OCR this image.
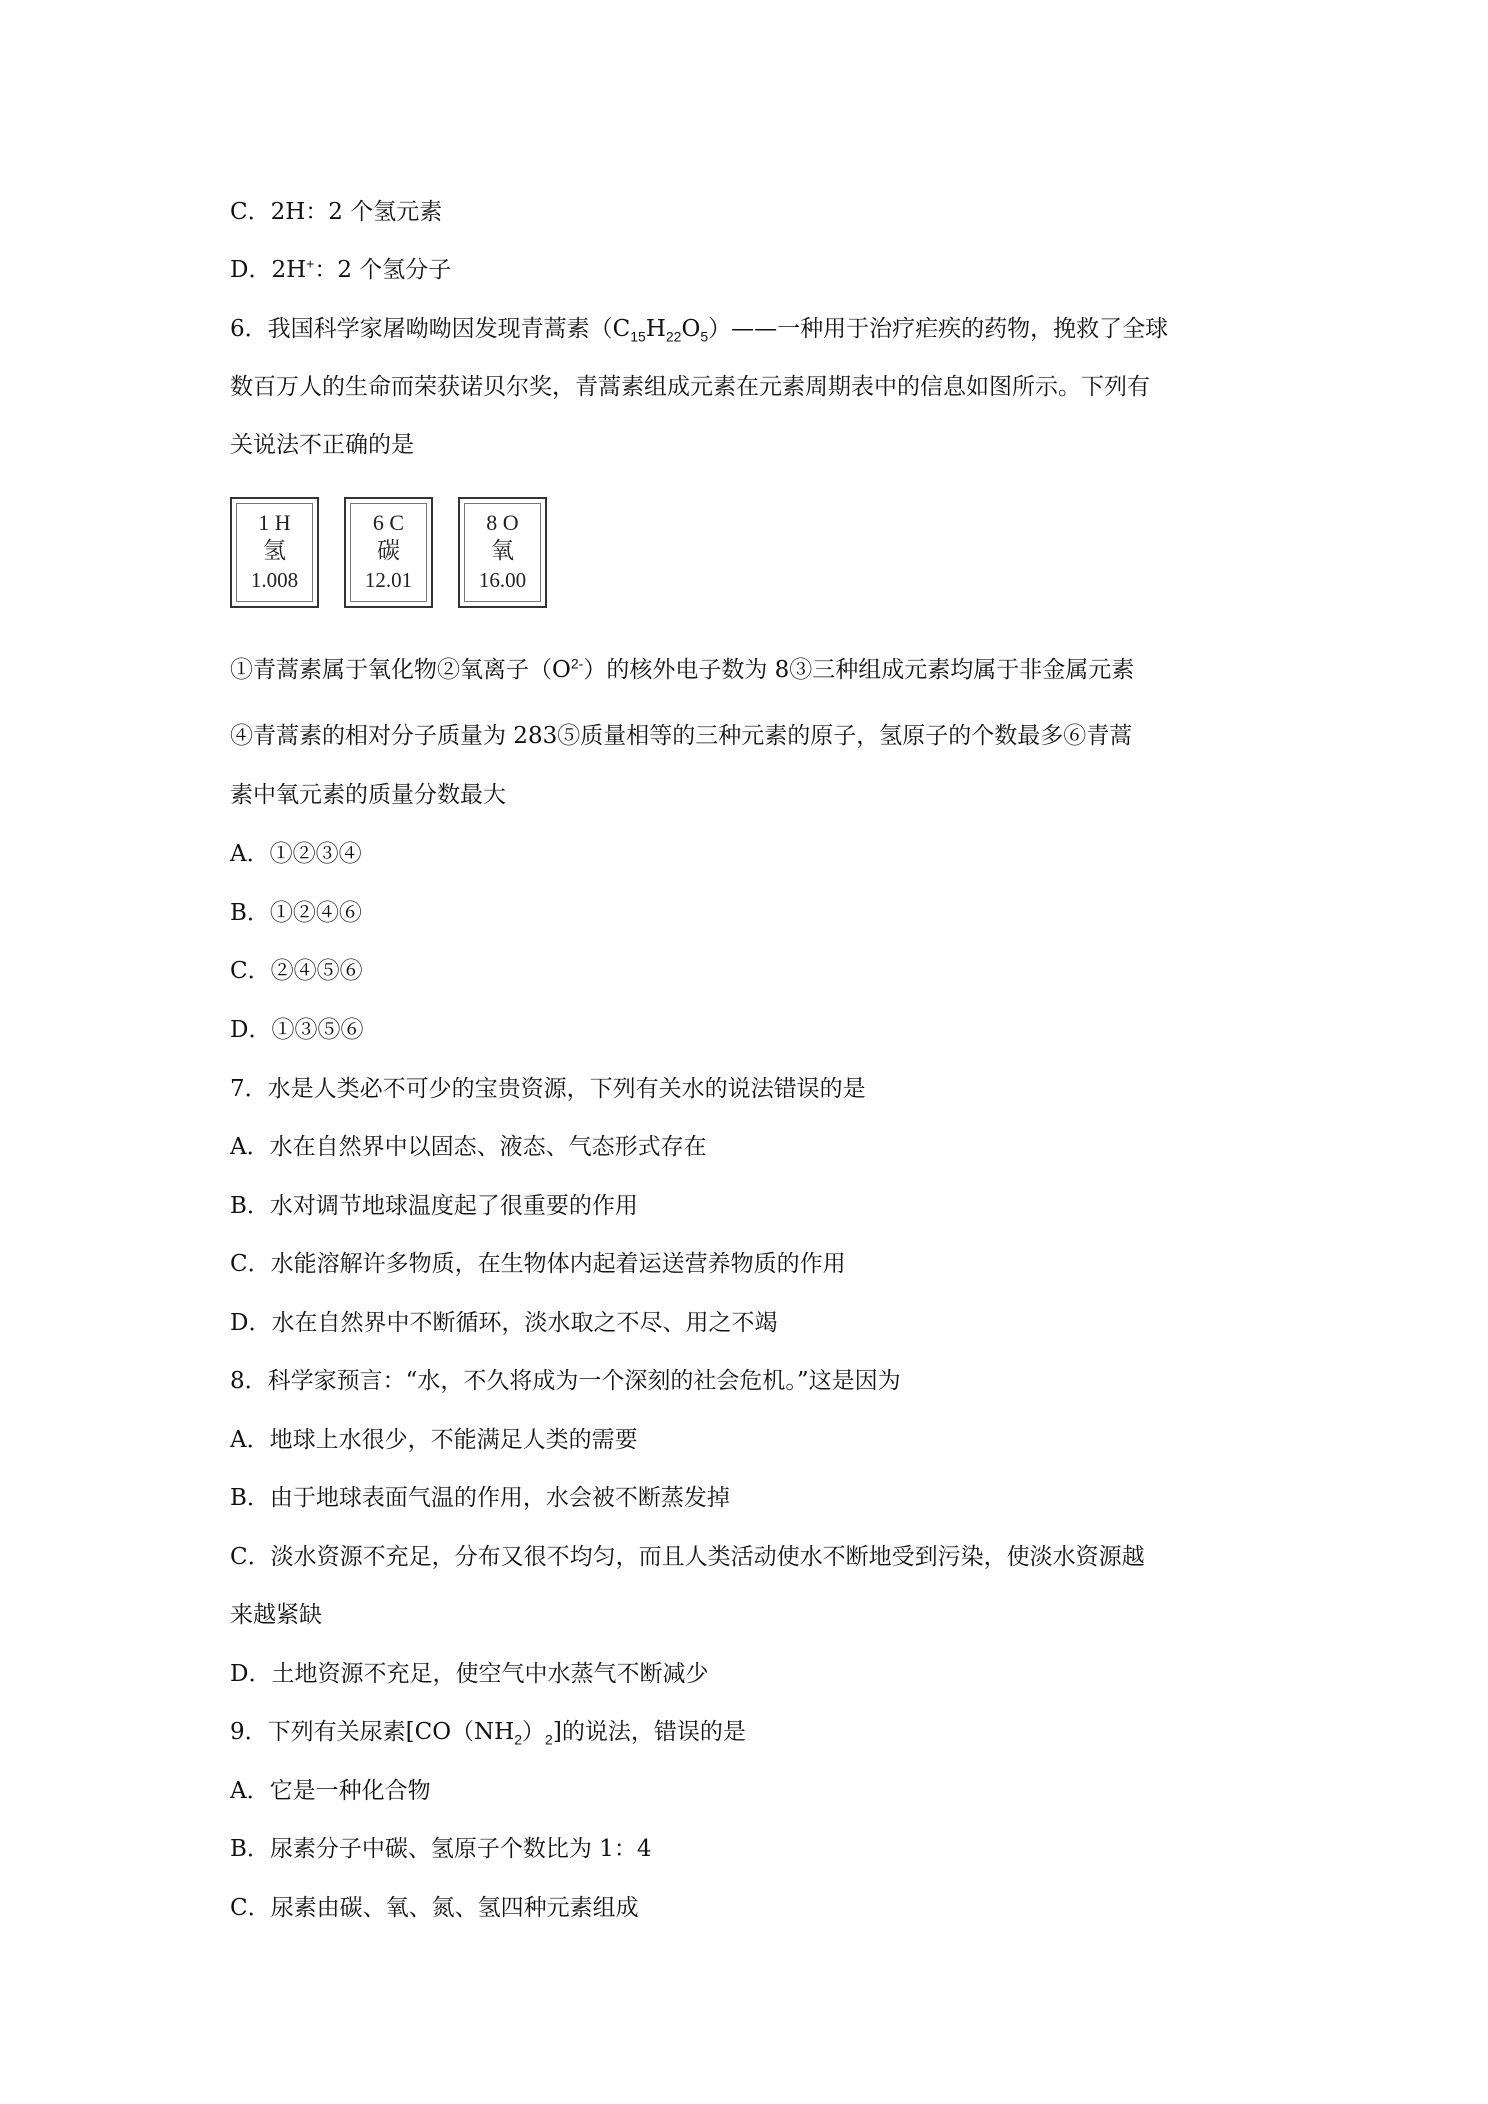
C．2H：2 个氢元素
D．2H+：2 个氢分子
6．我国科学家屠呦呦因发现青蒿素$(C_{15}H_{22}O_5)——$一种用于治疗疟疾的药物，挽救了全球
数百万人的生命而荣获诺贝尔奖，青蒿素组成元素在元素周期表中的信息如图所示。下列有
关说法不正确的是
1 H
氢
1.008
6 C
碳
12.01
8 O
氧
16.00
①青蒿素属于氧化物②氧离子$(O^{2-})$的核外电子数为 8③三种组成元素均属于非金属元素
④青蒿素的相对分子质量为 283⑤质量相等的三种元素的原子，氢原子的个数最多⑥青蒿
素中氧元素的质量分数最大
A．①②③④
B．①②④⑥
C．②④⑤⑥
D．①③⑤⑥
7．水是人类必不可少的宝贵资源，下列有关水的说法错误的是
A．水在自然界中以固态、液态、气态形式存在
B．水对调节地球温度起了很重要的作用
C．水能溶解许多物质，在生物体内起着运送营养物质的作用
D．水在自然界中不断循环，淡水取之不尽、用之不竭
8．科学家预言：“水，不久将成为一个深刻的社会危机。”这是因为
A．地球上水很少，不能满足人类的需要
B．由于地球表面气温的作用，水会被不断蒸发掉
C．淡水资源不充足，分布又很不均匀，而且人类活动使水不断地受到污染，使淡水资源越
来越紧缺
D．土地资源不充足，使空气中水蒸气不断减少
9．下列有关尿素$[CO(NH_2)_2]$的说法，错误的是
A．它是一种化合物
B．尿素分子中碳、氢原子个数比为 1：4
C．尿素由碳、氧、氮、氢四种元素组成
